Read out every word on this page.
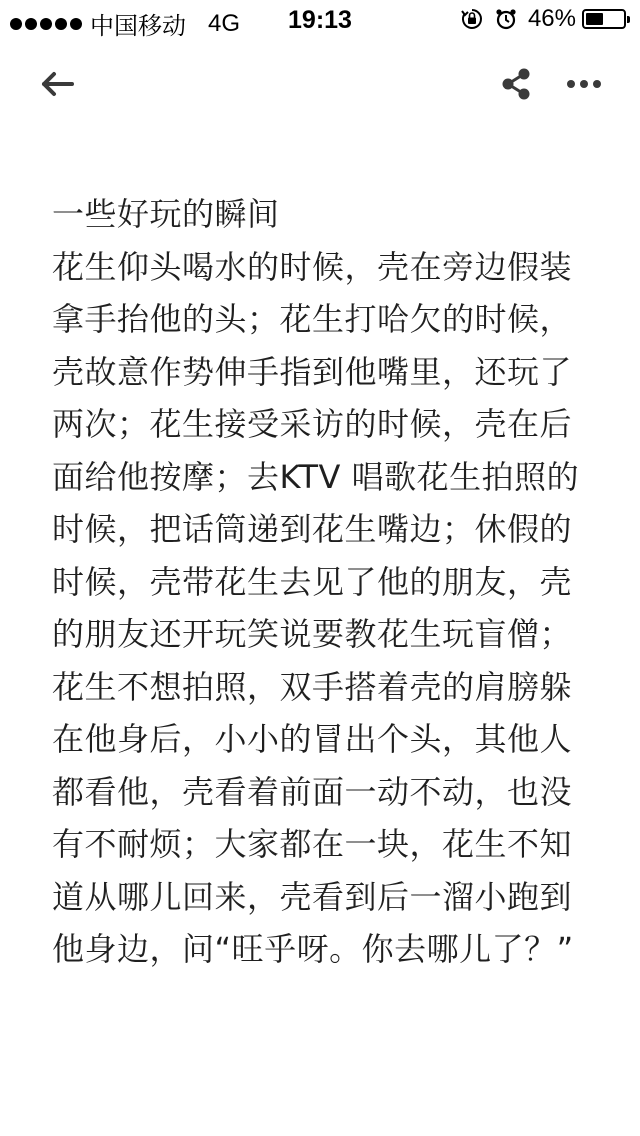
中国移动 4G	19:13	46%

一些好玩的瞬间

花生仰头喝水的时候，壳在旁边假装拿手抬他的头；花生打哈欠的时候，壳故意作势伸手指到他嘴里，还玩了两次；花生接受采访的时候，壳在后面给他按摩；去KTV 唱歌花生拍照的时候，把话筒递到花生嘴边；休假的时候，壳带花生去见了他的朋友，壳的朋友还开玩笑说要教花生玩盲僧；花生不想拍照，双手搭着壳的肩膀躲在他身后，小小的冒出个头，其他人都看他，壳看着前面一动不动，也没有不耐烦；大家都在一块，花生不知道从哪儿回来，壳看到后一溜小跑到他身边，问“旺乎呀。你去哪儿了？”
